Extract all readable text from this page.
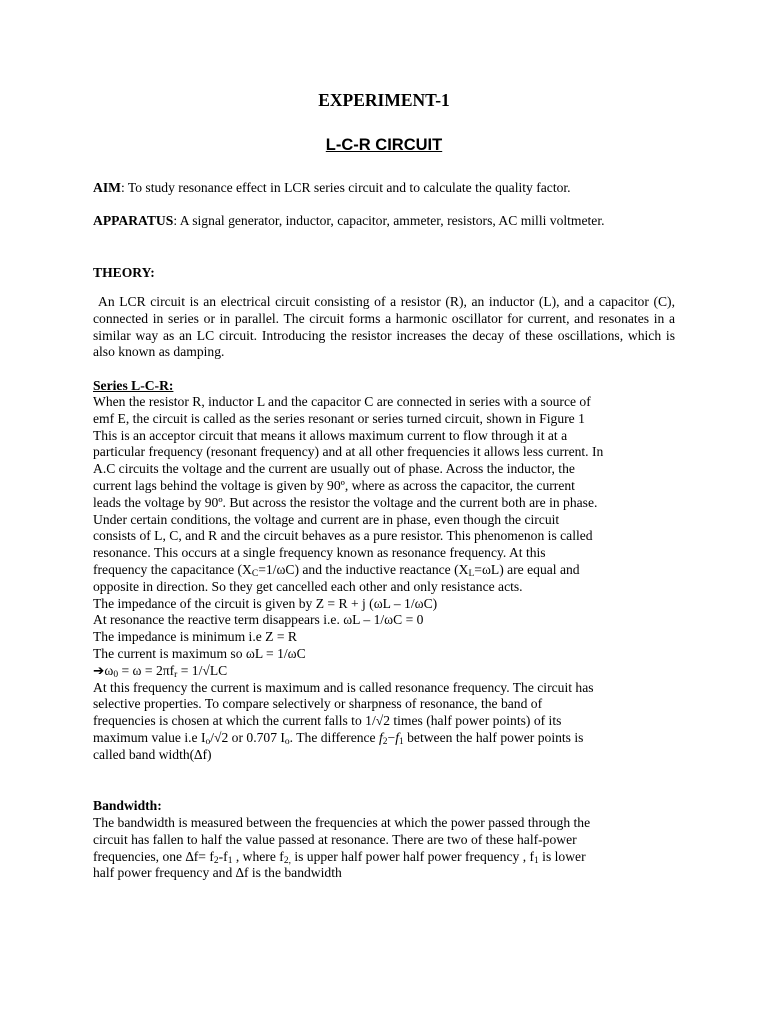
EXPERIMENT-1
L-C-R CIRCUIT
AIM: To study resonance effect in LCR series circuit and to calculate the quality factor.
APPARATUS: A signal generator, inductor, capacitor, ammeter, resistors, AC milli voltmeter.
THEORY:
An LCR circuit is an electrical circuit consisting of a resistor (R), an inductor (L), and a capacitor (C), connected in series or in parallel. The circuit forms a harmonic oscillator for current, and resonates in a similar way as an LC circuit. Introducing the resistor increases the decay of these oscillations, which is also known as damping.
Series L-C-R:
When the resistor R, inductor L and the capacitor C are connected in series with a source of
emf E, the circuit is called as the series resonant or series turned circuit, shown in Figure 1
This is an acceptor circuit that means it allows maximum current to flow through it at a
particular frequency (resonant frequency) and at all other frequencies it allows less current. In
A.C circuits the voltage and the current are usually out of phase. Across the inductor, the
current lags behind the voltage is given by 90º, where as across the capacitor, the current
leads the voltage by 90º. But across the resistor the voltage and the current both are in phase.
Under certain conditions, the voltage and current are in phase, even though the circuit
consists of L, C, and R and the circuit behaves as a pure resistor. This phenomenon is called
resonance. This occurs at a single frequency known as resonance frequency. At this
frequency the capacitance $(X_C=1/\omega C)$ and the inductive reactance $(X_L=\omega L)$ are equal and
opposite in direction. So they get cancelled each other and only resistance acts.
The impedance of the circuit is given by Z = R + j (ωL – 1/ωC)
At resonance the reactive term disappears i.e. ωL – 1/ωC = 0
The impedance is minimum i.e Z = R
The current is maximum so ωL = 1/ωC
$➔\omega_0 = \omega = 2\pi f_r = 1/√LC$
At this frequency the current is maximum and is called resonance frequency. The circuit has
selective properties. To compare selectively or sharpness of resonance, the band of
frequencies is chosen at which the current falls to 1/√2 times (half power points) of its
maximum value i.e $I_o/√2$ or 0.707 $I_o$. The difference $f_2-f_1$ between the half power points is
called band width(∆f)
Bandwidth:
The bandwidth is measured between the frequencies at which the power passed through the
circuit has fallen to half the value passed at resonance. There are two of these half-power
frequencies, one $\Delta f= f_2-f_1$ , where $f_{2,}$ is upper half power half power frequency , $f_1$ is lower
half power frequency and ∆f is the bandwidth
